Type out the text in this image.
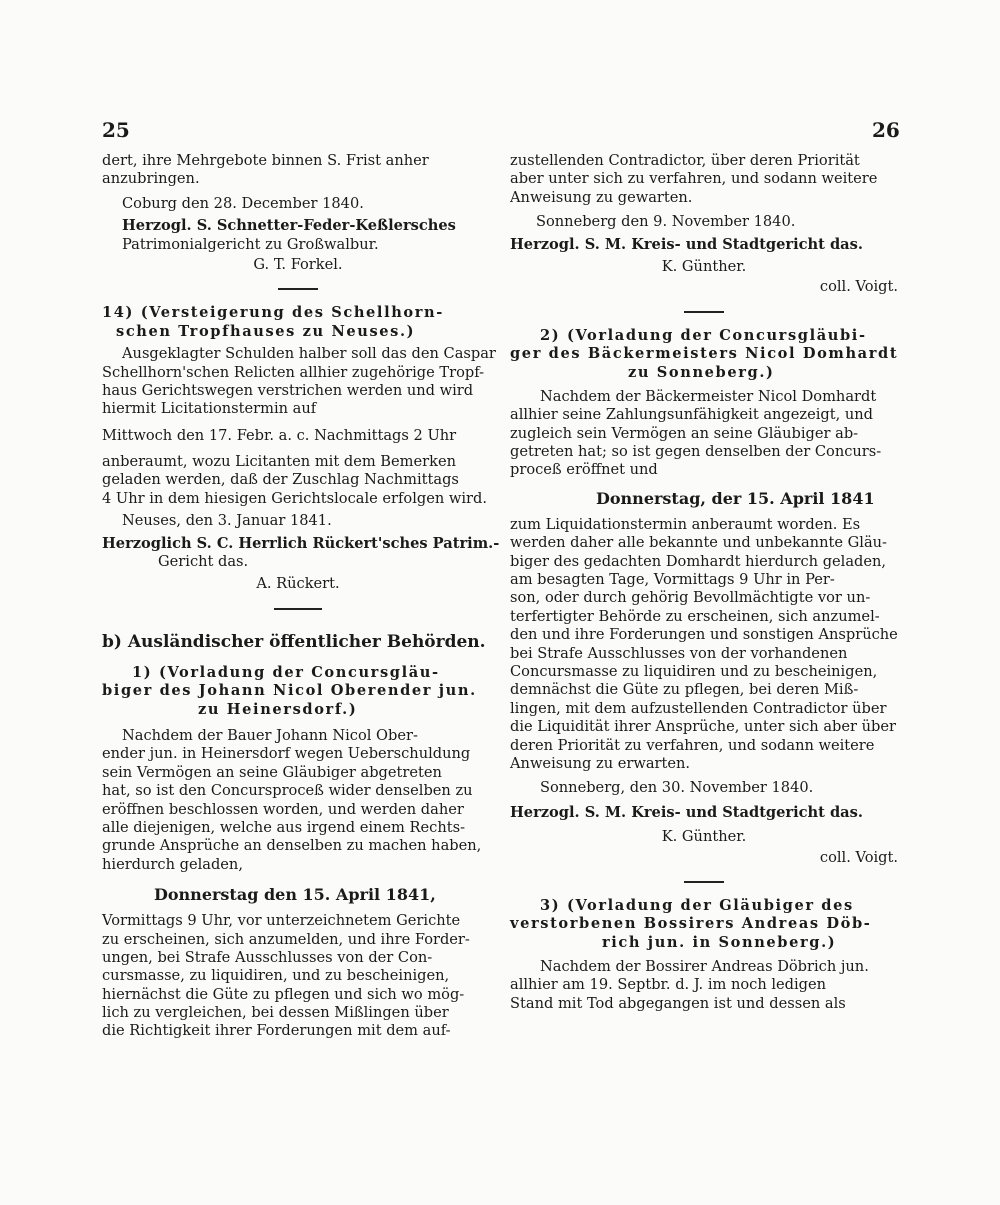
25	26
dert, ihre Mehrgebote binnen S. Frist anher
anzubringen.
Coburg den 28. December 1840.
Herzogl. S. Schnetter-Feder-Keßlersches
Patrimonialgericht zu Großwalbur.
G. T. Forkel.
14) (Versteigerung des Schellhorn-
schen Tropfhauses zu Neuses.)
Ausgeklagter Schulden halber soll das den Caspar
Schellhorn'schen Relicten allhier zugehörige Tropf-
haus Gerichtswegen verstrichen werden und wird
hiermit Licitationstermin auf
Mittwoch den 17. Febr. a. c. Nachmittags 2 Uhr
anberaumt, wozu Licitanten mit dem Bemerken
geladen werden, daß der Zuschlag Nachmittags
4 Uhr in dem hiesigen Gerichtslocale erfolgen wird.
Neuses, den 3. Januar 1841.
Herzoglich S. C. Herrlich Rückert'sches Patrim.-
Gericht das.
A. Rückert.
b) Ausländischer öffentlicher Behörden.
1) (Vorladung der Concursgläu-
biger des Johann Nicol Oberender jun.
zu Heinersdorf.)
Nachdem der Bauer Johann Nicol Ober-
ender jun. in Heinersdorf wegen Ueberschuldung
sein Vermögen an seine Gläubiger abgetreten
hat, so ist den Concursproceß wider denselben zu
eröffnen beschlossen worden, und werden daher
alle diejenigen, welche aus irgend einem Rechts-
grunde Ansprüche an denselben zu machen haben,
hierdurch geladen,
Donnerstag den 15. April 1841,
Vormittags 9 Uhr, vor unterzeichnetem Gerichte
zu erscheinen, sich anzumelden, und ihre Forder-
ungen, bei Strafe Ausschlusses von der Con-
cursmasse, zu liquidiren, und zu bescheinigen,
hiernächst die Güte zu pflegen und sich wo mög-
lich zu vergleichen, bei dessen Mißlingen über
die Richtigkeit ihrer Forderungen mit dem auf-
zustellenden Contradictor, über deren Priorität
aber unter sich zu verfahren, und sodann weitere
Anweisung zu gewarten.
Sonneberg den 9. November 1840.
Herzogl. S. M. Kreis- und Stadtgericht das.
K. Günther.
coll. Voigt.
2) (Vorladung der Concursgläubi-
ger des Bäckermeisters Nicol Domhardt
zu Sonneberg.)
Nachdem der Bäckermeister Nicol Domhardt
allhier seine Zahlungsunfähigkeit angezeigt, und
zugleich sein Vermögen an seine Gläubiger ab-
getreten hat; so ist gegen denselben der Concurs-
proceß eröffnet und
Donnerstag, der 15. April 1841
zum Liquidationstermin anberaumt worden. Es
werden daher alle bekannte und unbekannte Gläu-
biger des gedachten Domhardt hierdurch geladen,
am besagten Tage, Vormittags 9 Uhr in Per-
son, oder durch gehörig Bevollmächtigte vor un-
terfertigter Behörde zu erscheinen, sich anzumel-
den und ihre Forderungen und sonstigen Ansprüche
bei Strafe Ausschlusses von der vorhandenen
Concursmasse zu liquidiren und zu bescheinigen,
demnächst die Güte zu pflegen, bei deren Miß-
lingen, mit dem aufzustellenden Contradictor über
die Liquidität ihrer Ansprüche, unter sich aber über
deren Priorität zu verfahren, und sodann weitere
Anweisung zu erwarten.
Sonneberg, den 30. November 1840.
Herzogl. S. M. Kreis- und Stadtgericht das.
K. Günther.
coll. Voigt.
3) (Vorladung der Gläubiger des
verstorbenen Bossirers Andreas Döb-
rich jun. in Sonneberg.)
Nachdem der Bossirer Andreas Döbrich jun.
allhier am 19. Septbr. d. J. im noch ledigen
Stand mit Tod abgegangen ist und dessen als
